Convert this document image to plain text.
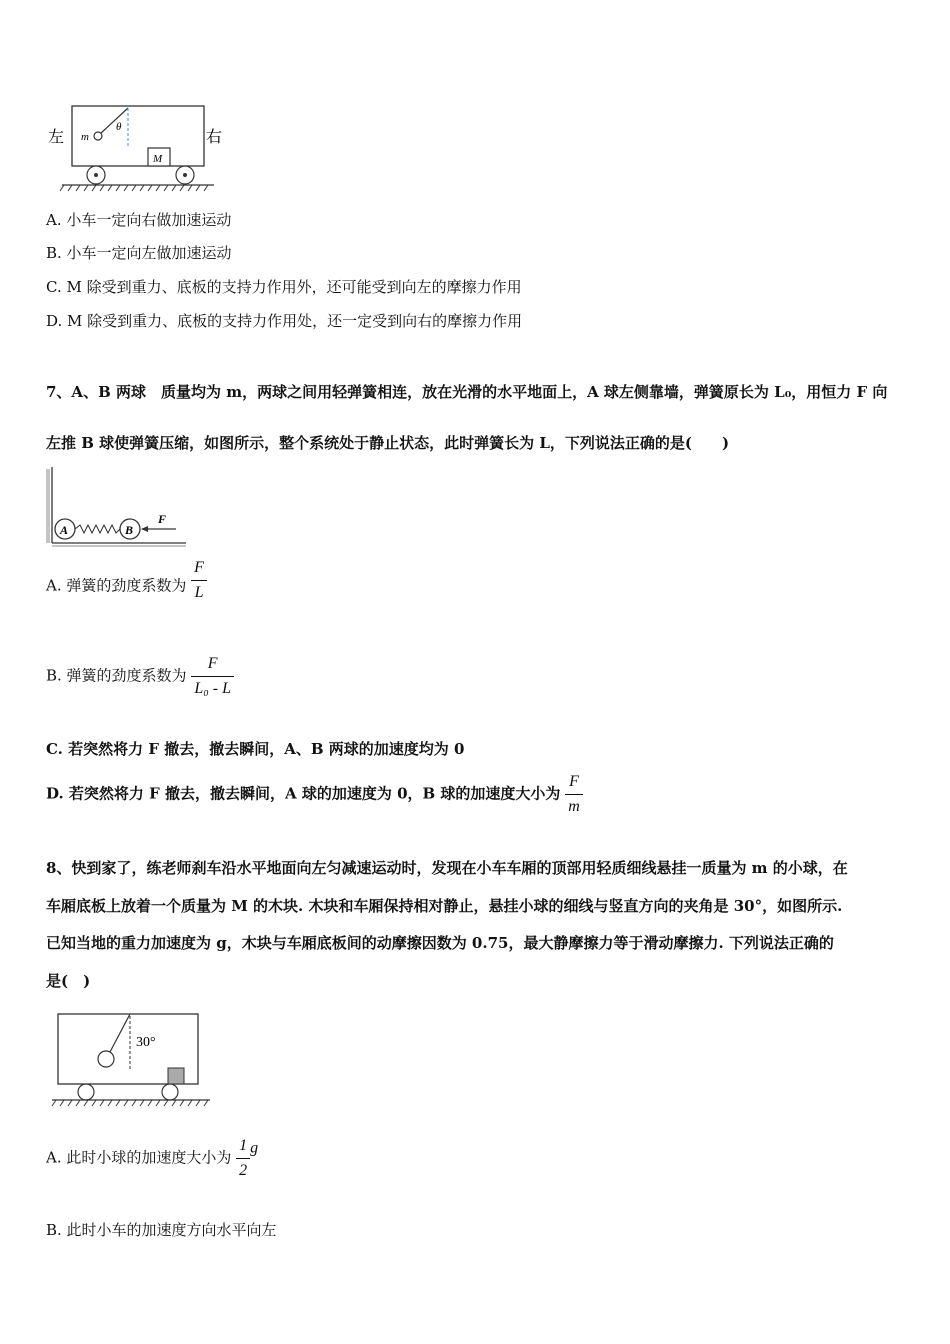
左	右
m
θ
M
A. 小车一定向右做加速运动
B. 小车一定向左做加速运动
C. M 除受到重力、底板的支持力作用外，还可能受到向左的摩擦力作用
D. M 除受到重力、底板的支持力作用处，还一定受到向右的摩擦力作用
7、A、B 两球　质量均为 m，两球之间用轻弹簧相连，放在光滑的水平地面上，A 球左侧靠墙，弹簧原长为 L₀，用恒力 F 向
左推 B 球使弹簧压缩，如图所示，整个系统处于静止状态，此时弹簧长为 L，下列说法正确的是(　　)
A	B
F
A. 弹簧的劲度系数为 $\frac{F}{L}$
B. 弹簧的劲度系数为 $\frac{F}{\text{L₀ - L}}$
C. 若突然将力 F 撤去，撤去瞬间，A、B 两球的加速度均为 0
D. 若突然将力 F 撤去，撤去瞬间，A 球的加速度为 0，B 球的加速度大小为 $\frac{F}{m}$
8、快到家了，练老师刹车沿水平地面向左匀减速运动时，发现在小车车厢的顶部用轻质细线悬挂一质量为 m 的小球，在
车厢底板上放着一个质量为 M 的木块. 木块和车厢保持相对静止，悬挂小球的细线与竖直方向的夹角是 30°，如图所示.
已知当地的重力加速度为 g，木块与车厢底板间的动摩擦因数为 0.75，最大静摩擦力等于滑动摩擦力. 下列说法正确的
是(　)
30°
A. 此时小球的加速度大小为 $\frac{1}{2}$ g
B. 此时小车的加速度方向水平向左
